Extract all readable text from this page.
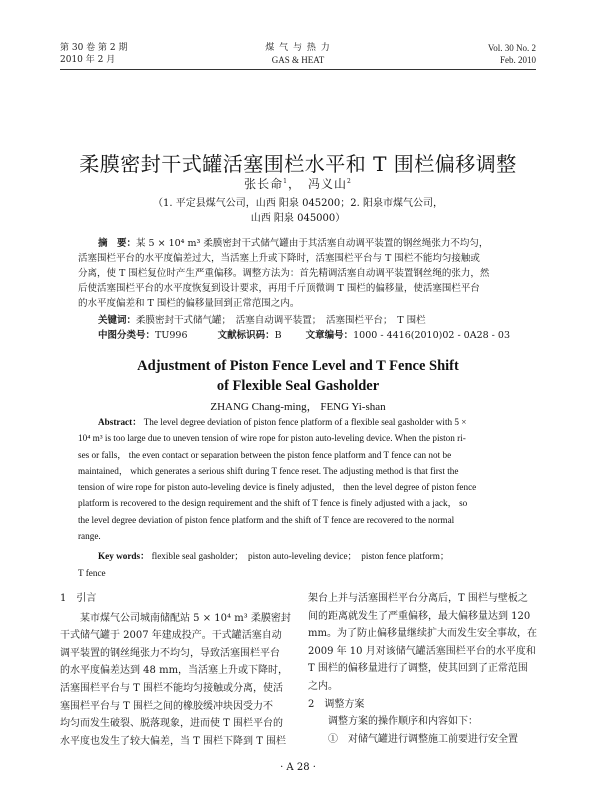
第 30 卷 第 2 期
2010 年 2 月
煤 气 与 热 力
GAS & HEAT
Vol. 30 No. 2
Feb. 2010
柔膜密封干式罐活塞围栏水平和 T 围栏偏移调整
张长命$^1$，　冯义山$^2$
（1. 平定县煤气公司，山西 阳泉 045200；2. 阳泉市煤气公司，
山西 阳泉 045000）
摘　要：某 5 × 10⁴ m³ 柔膜密封干式储气罐由于其活塞自动调平装置的钢丝绳张力不均匀，
活塞围栏平台的水平度偏差过大，当活塞上升或下降时，活塞围栏平台与 T 围栏不能均匀接触或
分离，使 T 围栏复位时产生严重偏移。调整方法为：首先精调活塞自动调平装置钢丝绳的张力，然
后使活塞围栏平台的水平度恢复到设计要求，再用千斤顶微调 T 围栏的偏移量，使活塞围栏平台
的水平度偏差和 T 围栏的偏移量回到正常范围之内。
关键词：柔膜密封干式储气罐；　活塞自动调平装置；　活塞围栏平台；　T 围栏
中图分类号：TU996	文献标识码：B	文章编号：1000 - 4416(2010)02 - 0A28 - 03
Adjustment of Piston Fence Level and T Fence Shift
of Flexible Seal Gasholder
ZHANG Chang-ming， FENG Yi-shan
Abstract： The level degree deviation of piston fence platform of a flexible seal gasholder with 5 ×
10⁴ m³ is too large due to uneven tension of wire rope for piston auto-leveling device. When the piston ri-
ses or falls， the even contact or separation between the piston fence platform and T fence can not be
maintained， which generates a serious shift during T fence reset. The adjusting method is that first the
tension of wire rope for piston auto-leveling device is finely adjusted， then the level degree of piston fence
platform is recovered to the design requirement and the shift of T fence is finely adjusted with a jack， so
the level degree deviation of piston fence platform and the shift of T fence are recovered to the normal
range.
Key words： flexible seal gasholder；　piston auto-leveling device；　piston fence platform；
T fence
1　引言
某市煤气公司城南储配站 5 × 10⁴ m³ 柔膜密封
干式储气罐于 2007 年建成投产。干式罐活塞自动
调平装置的钢丝绳张力不均匀，导致活塞围栏平台
的水平度偏差达到 48 mm，当活塞上升或下降时，
活塞围栏平台与 T 围栏不能均匀接触或分离，使活
塞围栏平台与 T 围栏之间的橡胶缓冲块因受力不
均匀而发生破裂、脱落现象，进而使 T 围栏平台的
水平度也发生了较大偏差，当 T 围栏下降到 T 围栏
架台上并与活塞围栏平台分离后，T 围栏与壁板之
间的距离就发生了严重偏移，最大偏移量达到 120
mm。为了防止偏移量继续扩大而发生安全事故，在
2009 年 10 月对该储气罐活塞围栏平台的水平度和
T 围栏的偏移量进行了调整，使其回到了正常范围
之内。
2　调整方案
调整方案的操作顺序和内容如下：
①　对储气罐进行调整施工前要进行安全置
· A 28 ·
